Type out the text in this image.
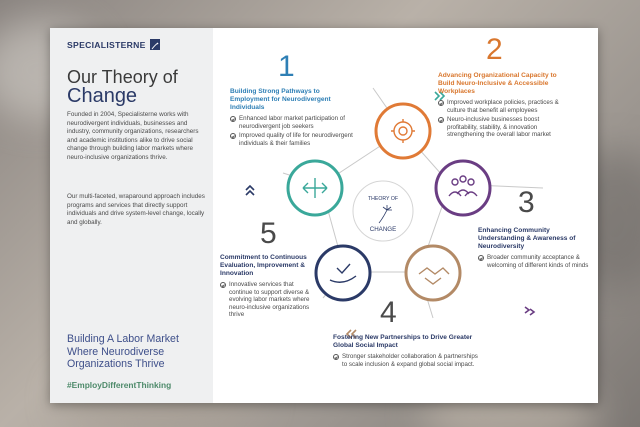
SPECIALISTERNE
Our Theory of
Change
Founded in 2004, Specialisterne works with neurodivergent individuals, businesses and industry, community organizations, researchers and academic institutions alike to drive social change through building labor markets where neuro-inclusive organizations thrive.
Our multi-faceted, wraparound approach includes programs and services that directly support individuals and drive system-level change, locally and globally.
Building A Labor Market Where Neurodiverse Organizations Thrive
#EmployDifferentThinking
THEORY OF
CHANGE
1
Building Strong Pathways to Employment for Neurodivergent Individuals
Enhanced labor market participation of neurodivergent job seekers
Improved quality of life for neurodivergent individuals & their families
2
Advancing Organizational Capacity to Build Neuro-Inclusive & Accessible Workplaces
Improved workplace policies, practices & culture that benefit all employees
Neuro-inclusive businesses boost profitability, stability, & innovation strengthening the overall labor market
3
Enhancing Community Understanding & Awareness of Neurodiversity
Broader community acceptance & welcoming of different kinds of minds
4
Fostering New Partnerships to Drive Greater Global Social Impact
Stronger stakeholder collaboration & partnerships to scale inclusion & expand global social impact.
5
Commitment to Continuous Evaluation, Improvement & Innovation
Innovative services that continue to support diverse & evolving labor markets where neuro-inclusive organizations thrive
